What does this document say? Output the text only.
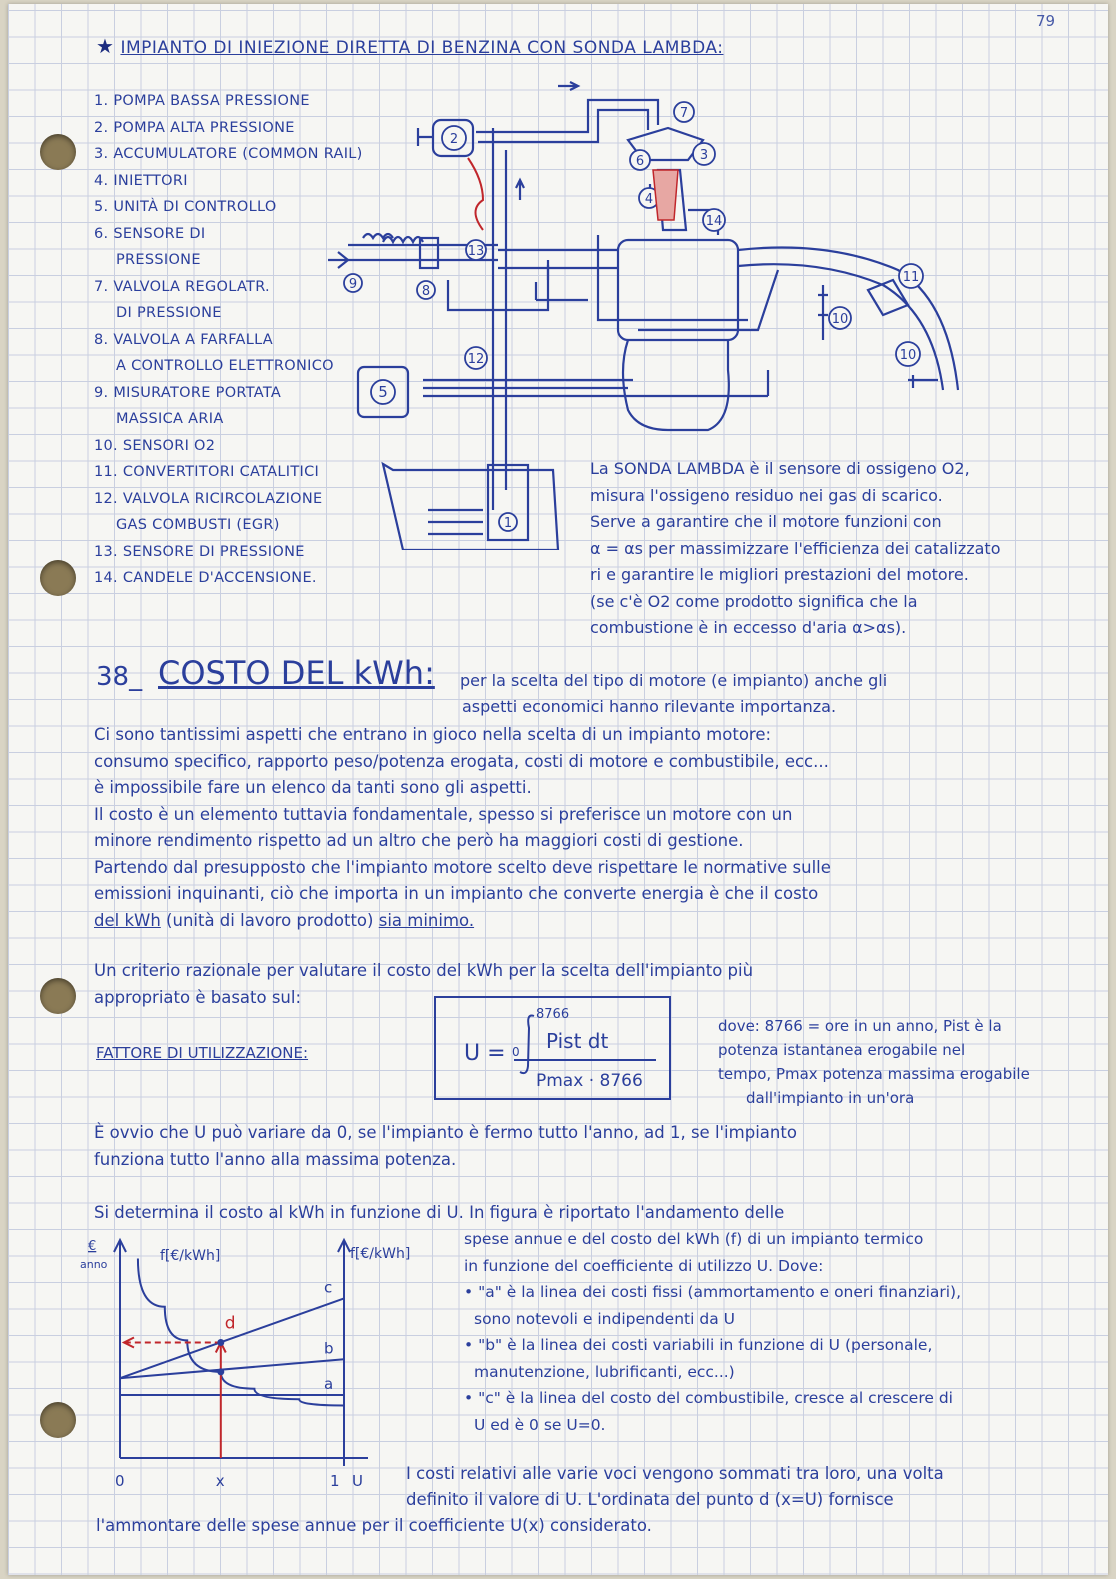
79
★ IMPIANTO DI INIEZIONE DIRETTA DI BENZINA CON SONDA LAMBDA:
1. POMPA BASSA PRESSIONE
2. POMPA ALTA PRESSIONE
3. ACCUMULATORE (COMMON RAIL)
4. INIETTORI
5. UNITÀ DI CONTROLLO
6. SENSORE DI
PRESSIONE
7. VALVOLA REGOLATR.
DI PRESSIONE
8. VALVOLA A FARFALLA
A CONTROLLO ELETTRONICO
9. MISURATORE PORTATA
MASSICA ARIA
10. SENSORI O2
11. CONVERTITORI CATALITICI
12. VALVOLA RICIRCOLAZIONE
GAS COMBUSTI (EGR)
13. SENSORE DI PRESSIONE
14. CANDELE D'ACCENSIONE.
2
3
4
6
7
8
9
10
10
11
12
13
14
1
5
La SONDA LAMBDA è il sensore di ossigeno O2,
misura l'ossigeno residuo nei gas di scarico.
Serve a garantire che il motore funzioni con
α = αs per massimizzare l'efficienza dei catalizzato
ri e garantire le migliori prestazioni del motore.
(se c'è O2 come prodotto significa che la
combustione è in eccesso d'aria α>αs).
38_ COSTO DEL kWh: per la scelta del tipo di motore (e impianto) anche gli
aspetti economici hanno rilevante importanza.
Ci sono tantissimi aspetti che entrano in gioco nella scelta di un impianto motore:
consumo specifico, rapporto peso/potenza erogata, costi di motore e combustibile, ecc...
è impossibile fare un elenco da tanti sono gli aspetti.
Il costo è un elemento tuttavia fondamentale, spesso si preferisce un motore con un
minore rendimento rispetto ad un altro che però ha maggiori costi di gestione.
Partendo dal presupposto che l'impianto motore scelto deve rispettare le normative sulle
emissioni inquinanti, ciò che importa in un impianto che converte energia è che il costo
del kWh (unità di lavoro prodotto) sia minimo.
Un criterio razionale per valutare il costo del kWh per la scelta dell'impianto più
appropriato è basato sul:
FATTORE DI UTILIZZAZIONE:	U =
8766
0 Pist dt
Pmax · 8766
dove: 8766 = ore in un anno, Pist è la
potenza istantanea erogabile nel
tempo, Pmax potenza massima erogabile
dall'impianto in un'ora
È ovvio che U può variare da 0, se l'impianto è fermo tutto l'anno, ad 1, se l'impianto
funziona tutto l'anno alla massima potenza.
Si determina il costo al kWh in funzione di U. In figura è riportato l'andamento delle
€
anno
f[€/kWh]	f[€/kWh]
U
a
b
c
d
0	x	1
spese annue e del costo del kWh (f) di un impianto termico
in funzione del coefficiente di utilizzo U. Dove:
• "a" è la linea dei costi fissi (ammortamento e oneri finanziari),
sono notevoli e indipendenti da U
• "b" è la linea dei costi variabili in funzione di U (personale,
manutenzione, lubrificanti, ecc...)
• "c" è la linea del costo del combustibile, cresce al crescere di
U ed è 0 se U=0.
I costi relativi alle varie voci vengono sommati tra loro, una volta
definito il valore di U. L'ordinata del punto d (x=U) fornisce
l'ammontare delle spese annue per il coefficiente U(x) considerato.
